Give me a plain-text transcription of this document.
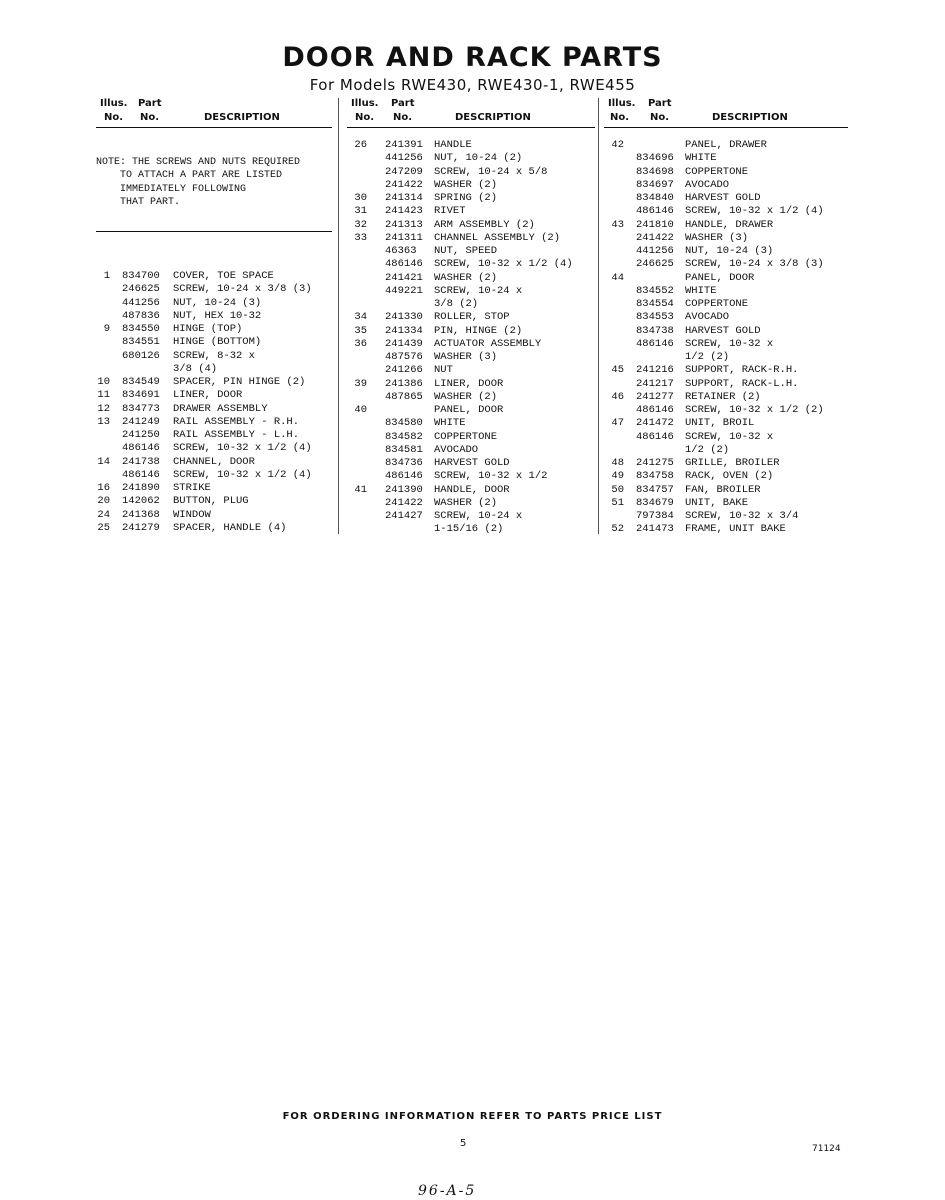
DOOR AND RACK PARTS
For Models RWE430, RWE430-1, RWE455
Illus. Part
No. No.	DESCRIPTION
NOTE: THE SCREWS AND NUTS REQUIRED
TO ATTACH A PART ARE LISTED
IMMEDIATELY FOLLOWING
THAT PART.
1 834700 COVER, TOE SPACE
246625 SCREW, 10-24 x 3/8 (3)
441256 NUT, 10-24 (3)
487836 NUT, HEX 10-32
9 834550 HINGE (TOP)
834551 HINGE (BOTTOM)
680126 SCREW, 8-32 x
3/8 (4)
10 834549 SPACER, PIN HINGE (2)
11 834691 LINER, DOOR
12 834773 DRAWER ASSEMBLY
13 241249 RAIL ASSEMBLY - R.H.
241250 RAIL ASSEMBLY - L.H.
486146 SCREW, 10-32 x 1/2 (4)
14 241738 CHANNEL, DOOR
486146 SCREW, 10-32 x 1/2 (4)
16 241890 STRIKE
20 142062 BUTTON, PLUG
24 241368 WINDOW
25 241279 SPACER, HANDLE (4)
Illus. Part
No. No.	DESCRIPTION
26 241391 HANDLE
441256 NUT, 10-24 (2)
247209 SCREW, 10-24 x 5/8
241422 WASHER (2)
30 241314 SPRING (2)
31 241423 RIVET
32 241313 ARM ASSEMBLY (2)
33 241311 CHANNEL ASSEMBLY (2)
46363 NUT, SPEED
486146 SCREW, 10-32 x 1/2 (4)
241421 WASHER (2)
449221 SCREW, 10-24 x
3/8 (2)
34 241330 ROLLER, STOP
35 241334 PIN, HINGE (2)
36 241439 ACTUATOR ASSEMBLY
487576 WASHER (3)
241266 NUT
39 241386 LINER, DOOR
487865 WASHER (2)
40	PANEL, DOOR
834580 WHITE
834582 COPPERTONE
834581 AVOCADO
834736 HARVEST GOLD
486146 SCREW, 10-32 x 1/2
41 241390 HANDLE, DOOR
241422 WASHER (2)
241427 SCREW, 10-24 x
1-15/16 (2)
Illus. Part
No. No.	DESCRIPTION
42	PANEL, DRAWER
834696 WHITE
834698 COPPERTONE
834697 AVOCADO
834840 HARVEST GOLD
486146 SCREW, 10-32 x 1/2 (4)
43 241810 HANDLE, DRAWER
241422 WASHER (3)
441256 NUT, 10-24 (3)
246625 SCREW, 10-24 x 3/8 (3)
44	PANEL, DOOR
834552 WHITE
834554 COPPERTONE
834553 AVOCADO
834738 HARVEST GOLD
486146 SCREW, 10-32 x
1/2 (2)
45 241216 SUPPORT, RACK-R.H.
241217 SUPPORT, RACK-L.H.
46 241277 RETAINER (2)
486146 SCREW, 10-32 x 1/2 (2)
47 241472 UNIT, BROIL
486146 SCREW, 10-32 x
1/2 (2)
48 241275 GRILLE, BROILER
49 834758 RACK, OVEN (2)
50 834757 FAN, BROILER
51 834679 UNIT, BAKE
797384 SCREW, 10-32 x 3/4
52 241473 FRAME, UNIT BAKE
FOR ORDERING INFORMATION REFER TO PARTS PRICE LIST
5	71124
96-A-5
